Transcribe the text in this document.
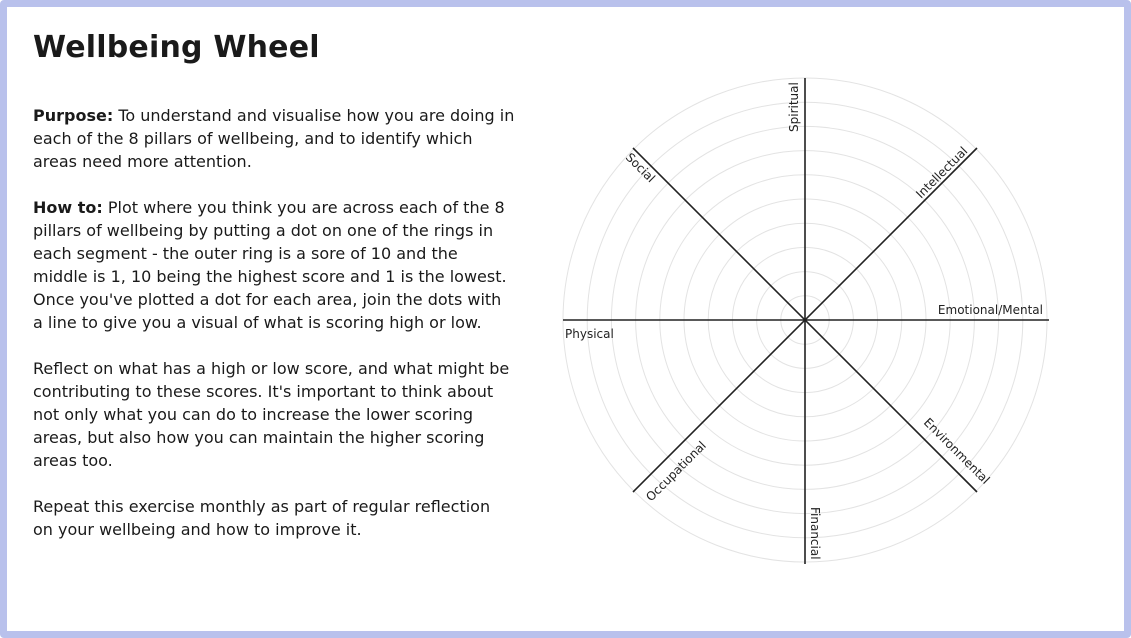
Wellbeing Wheel

Purpose: To understand and visualise how you are doing in each of the 8 pillars of wellbeing, and to identify which areas need more attention.

How to: Plot where you think you are across each of the 8 pillars of wellbeing by putting a dot on one of the rings in each segment - the outer ring is a sore of 10 and the middle is 1, 10 being the highest score and 1 is the lowest. Once you've plotted a dot for each area, join the dots with a line to give you a visual of what is scoring high or low.

Reflect on what has a high or low score, and what might be contributing to these scores. It's important to think about not only what you can do to increase the lower scoring areas, but also how you can maintain the higher scoring areas too.

Repeat this exercise monthly as part of regular reflection on your wellbeing and how to improve it.

Spiritual
Intellectual
Emotional/Mental
Environmental
Financial
Occupational
Physical
Social
